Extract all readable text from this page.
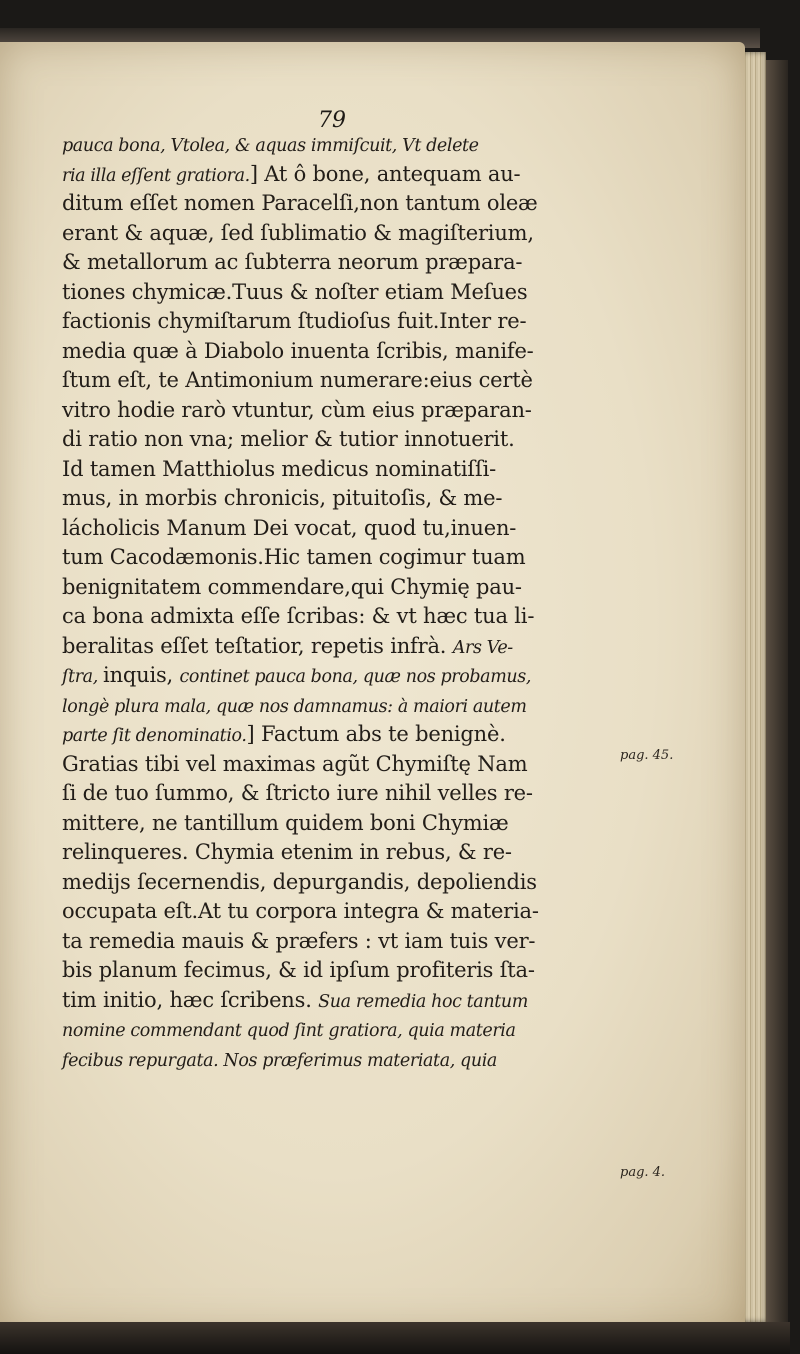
79
pauca bona, Vtolea, & aquas immiſcuit, Vt delete
ria illa eſſent gratiora.] At ô bone, antequam au-
ditum eſſet nomen Paracelſi,non tantum oleæ
erant & aquæ, ſed ſublimatio & magiſterium,
& metallorum ac ſubterra neorum præpara-
tiones chymicæ.Tuus & noſter etiam Meſues
factionis chymiſtarum ſtudioſus fuit.Inter re-
media quæ à Diabolo inuenta ſcribis, manife-
ſtum eſt, te Antimonium numerare:eius certè
vitro hodie rarò vtuntur, cùm eius præparan-
di ratio non vna; melior & tutior innotuerit.
Id tamen Matthiolus medicus nominatiſſi-
mus, in morbis chronicis, pituitoſis, & me-
lácholicis Manum Dei vocat, quod tu,inuen-
tum Cacodæmonis.Hic tamen cogimur tuam
benignitatem commendare,qui Chymię pau-
ca bona admixta eſſe ſcribas: & vt hæc tua li-
beralitas eſſet teſtatior, repetis infrà. Ars Ve-
ſtra, inquis, continet pauca bona, quæ nos probamus,
longè plura mala, quæ nos damnamus: à maiori autem
parte ſit denominatio.] Factum abs te benignè.
Gratias tibi vel maximas agũt Chymiſtę Nam
ſi de tuo ſummo, & ſtricto iure nihil velles re-
mittere, ne tantillum quidem boni Chymiæ
relinqueres. Chymia etenim in rebus, & re-
medijs ſecernendis, depurgandis, depoliendis
occupata eſt.At tu corpora integra & materia-
ta remedia mauis & præfers : vt iam tuis ver-
bis planum fecimus, & id ipſum profiteris ſta-
tim initio, hæc ſcribens. Sua remedia hoc tantum
nomine commendant quod ſint gratiora, quia materia
fecibus repurgata. Nos præferimus materiata, quia
pag. 45.
pag. 4.
